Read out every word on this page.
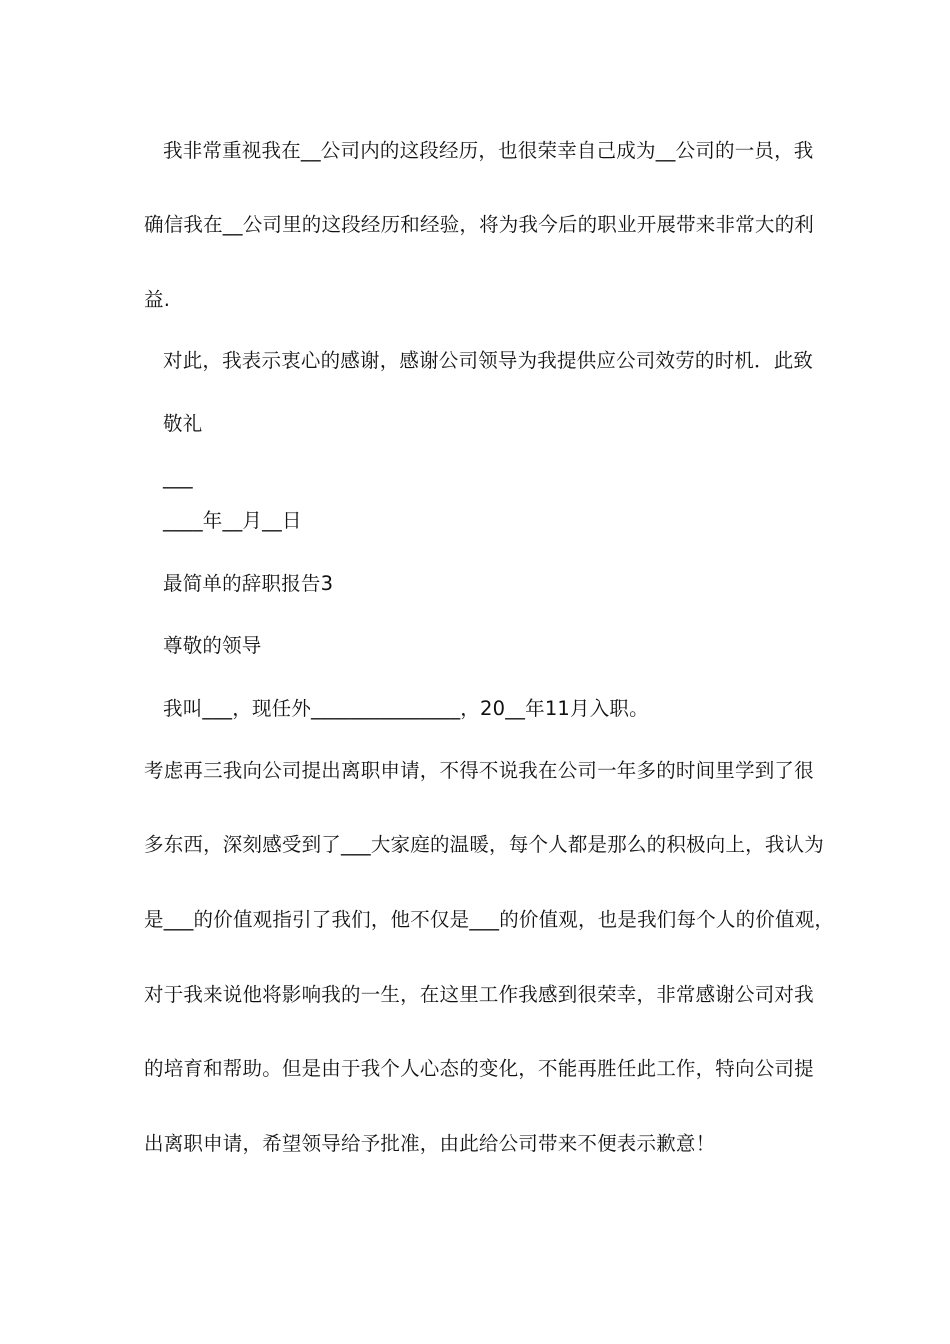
我非常重视我在__公司内的这段经历，也很荣幸自己成为__公司的一员，我
确信我在__公司里的这段经历和经验，将为我今后的职业开展带来非常大的利
益.
对此，我表示衷心的感谢，感谢公司领导为我提供应公司效劳的时机．此致
敬礼
___
____年__月__日
最简单的辞职报告3
尊敬的领导
我叫___，现任外_______________，20__年11月入职。
考虑再三我向公司提出离职申请，不得不说我在公司一年多的时间里学到了很
多东西，深刻感受到了___大家庭的温暖，每个人都是那么的积极向上，我认为
是___的价值观指引了我们，他不仅是___的价值观，也是我们每个人的价值观，
对于我来说他将影响我的一生，在这里工作我感到很荣幸，非常感谢公司对我
的培育和帮助。但是由于我个人心态的变化，不能再胜任此工作，特向公司提
出离职申请，希望领导给予批准，由此给公司带来不便表示歉意！
